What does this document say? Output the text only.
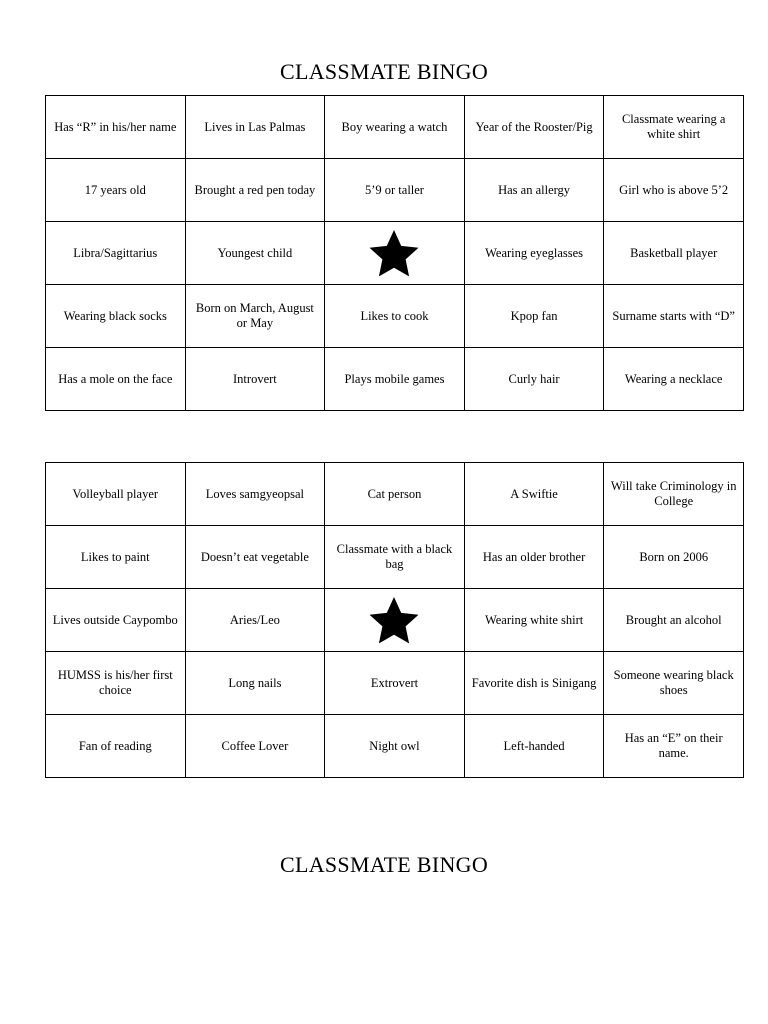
CLASSMATE BINGO
Has “R” in his/her name	Lives in Las Palmas	Boy wearing a watch	Year of the Rooster/Pig	Classmate wearing a white shirt
17 years old	Brought a red pen today	5’9 or taller	Has an allergy	Girl who is above 5’2
Libra/Sagittarius	Youngest child		Wearing eyeglasses	Basketball player
Wearing black socks	Born on March, August or May	Likes to cook	Kpop fan	Surname starts with “D”
Has a mole on the face	Introvert	Plays mobile games	Curly hair	Wearing a necklace
Volleyball player	Loves samgyeopsal	Cat person	A Swiftie	Will take Criminology in College
Likes to paint	Doesn’t eat vegetable	Classmate with a black bag	Has an older brother	Born on 2006
Lives outside Caypombo	Aries/Leo		Wearing white shirt	Brought an alcohol
HUMSS is his/her first choice	Long nails	Extrovert	Favorite dish is Sinigang	Someone wearing black shoes
Fan of reading	Coffee Lover	Night owl	Left-handed	Has an “E” on their name.
CLASSMATE BINGO
